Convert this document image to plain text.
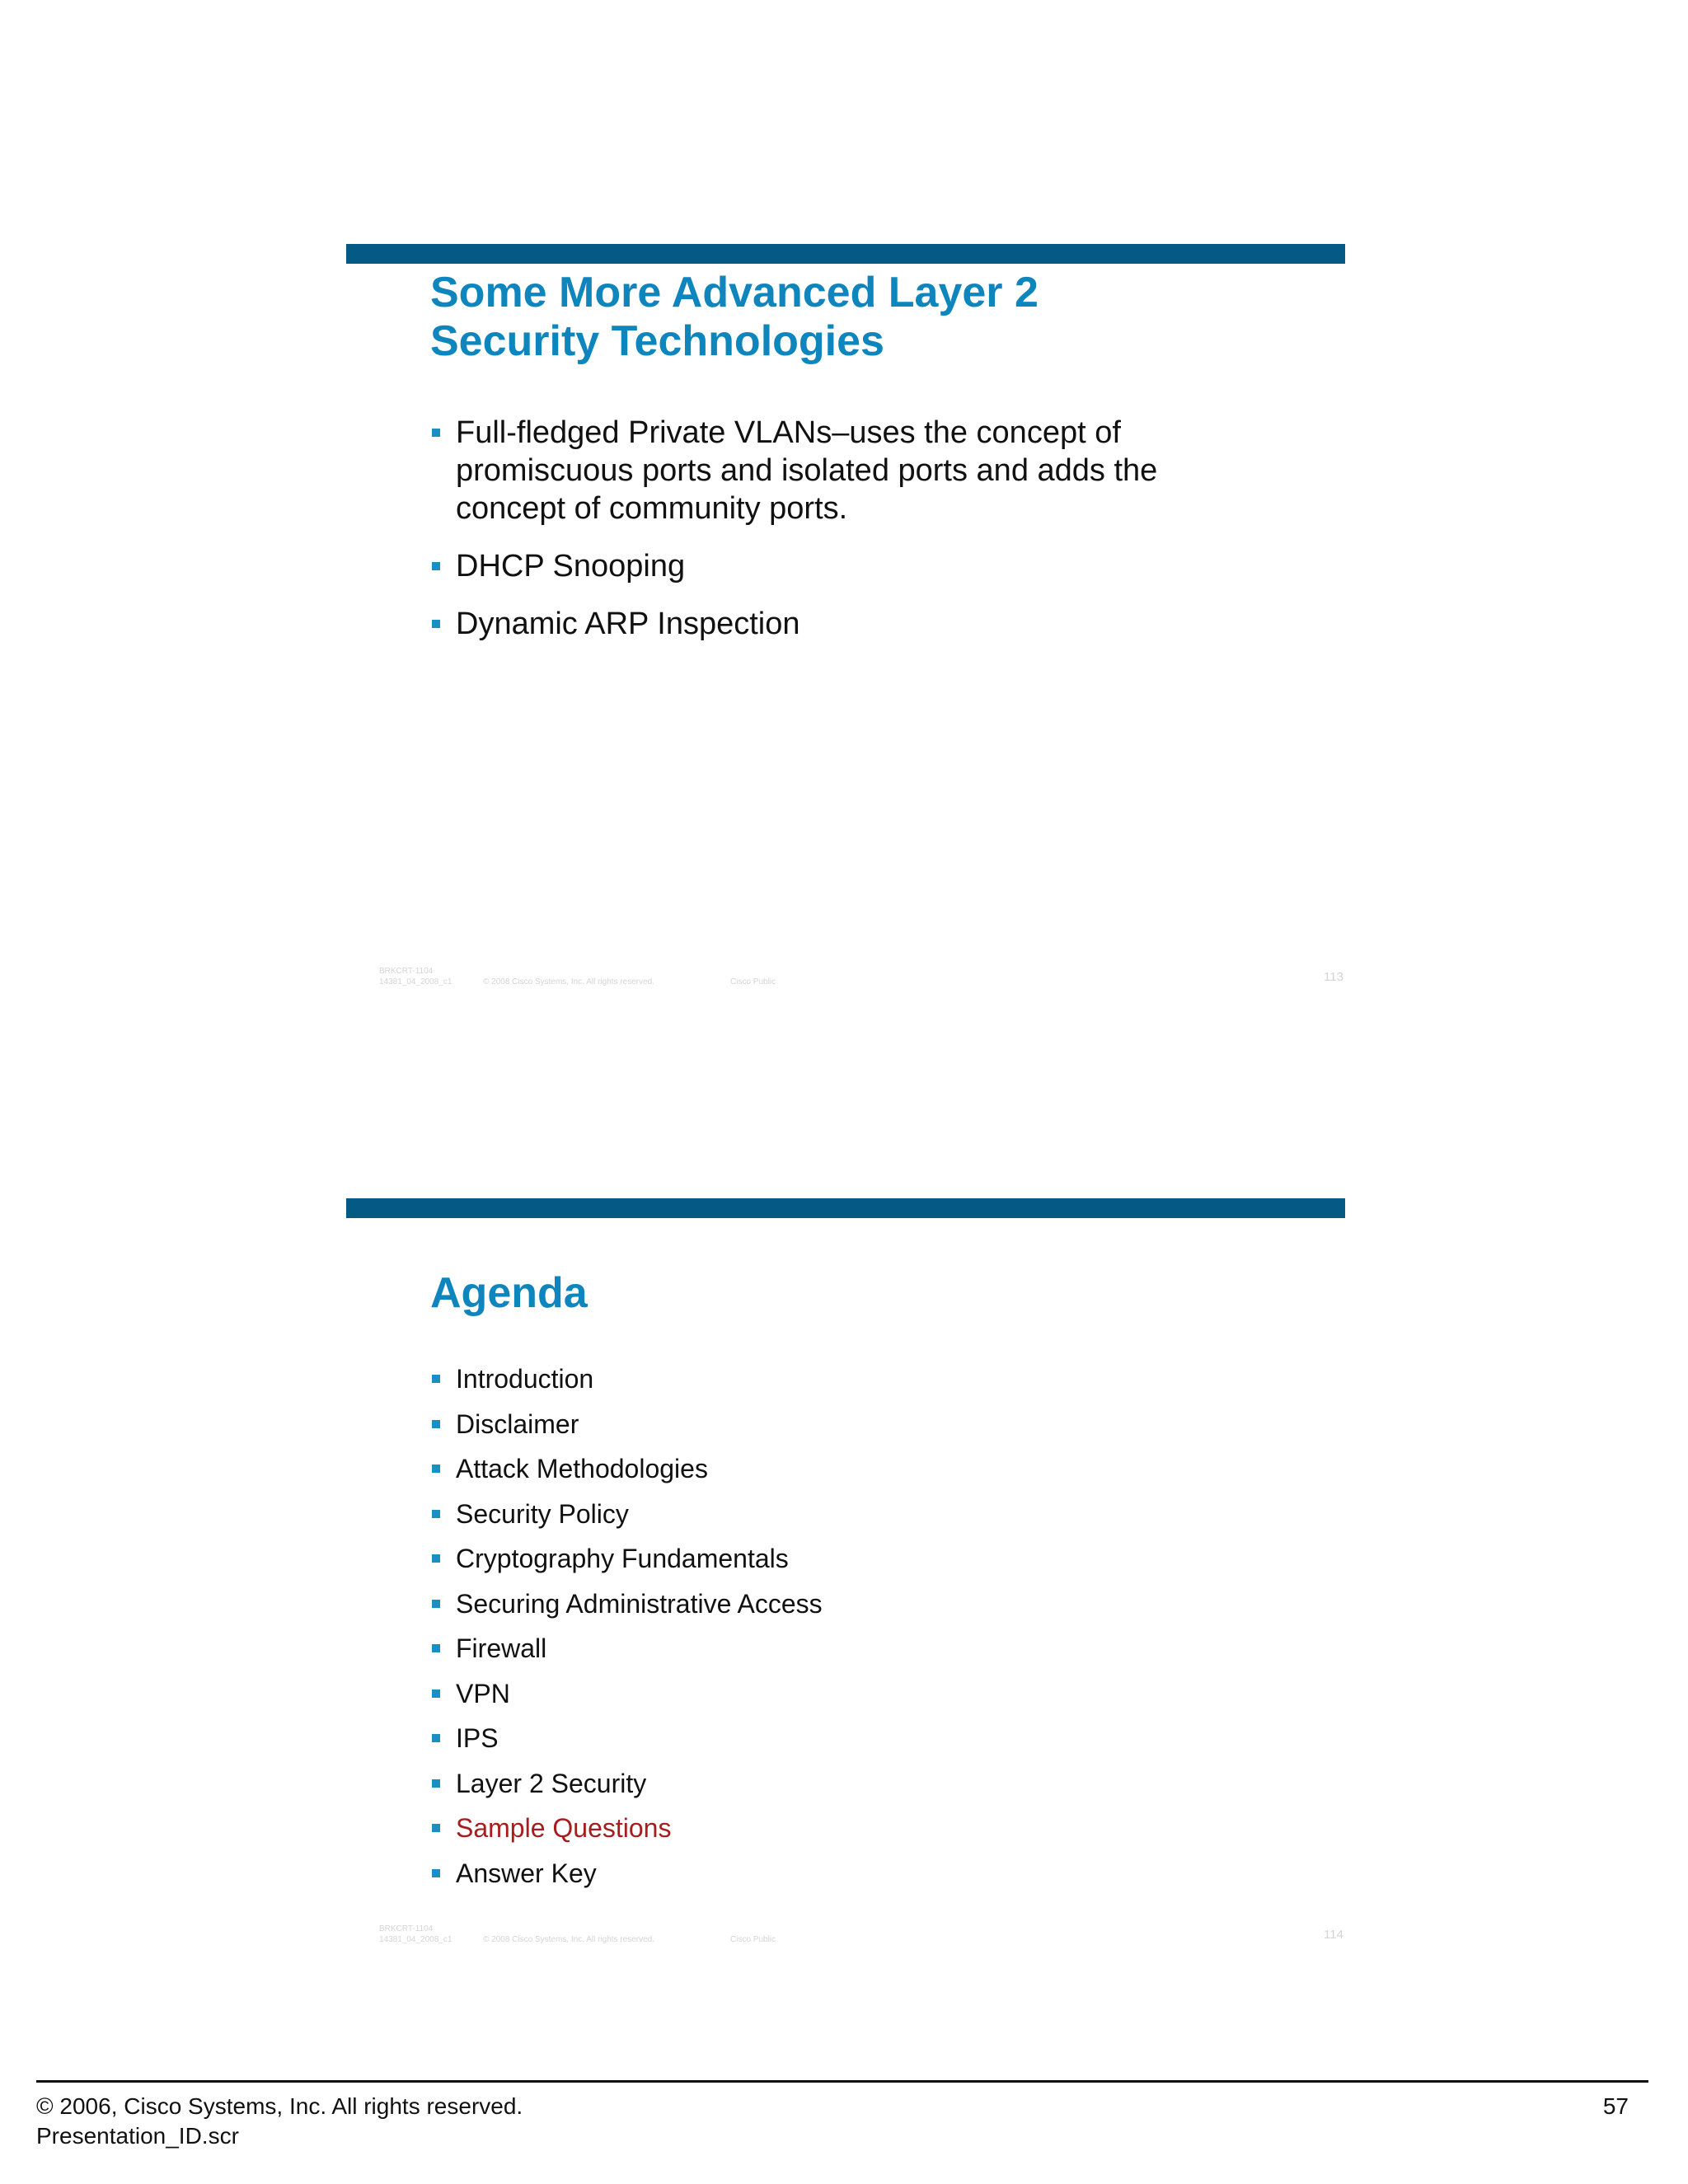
Some More Advanced Layer 2
Security Technologies
Full-fledged Private VLANs–uses the concept of promiscuous ports and isolated ports and adds the concept of community ports.
DHCP Snooping
Dynamic ARP Inspection
BRKCRT-1104
14381_04_2008_c1	© 2008 Cisco Systems, Inc. All rights reserved.	Cisco Public	113
Agenda
Introduction
Disclaimer
Attack Methodologies
Security Policy
Cryptography Fundamentals
Securing Administrative Access
Firewall
VPN
IPS
Layer 2 Security
Sample Questions
Answer Key
BRKCRT-1104
14381_04_2008_c1	© 2008 Cisco Systems, Inc. All rights reserved.	Cisco Public	114
© 2006, Cisco Systems, Inc. All rights reserved.
Presentation_ID.scr
57
